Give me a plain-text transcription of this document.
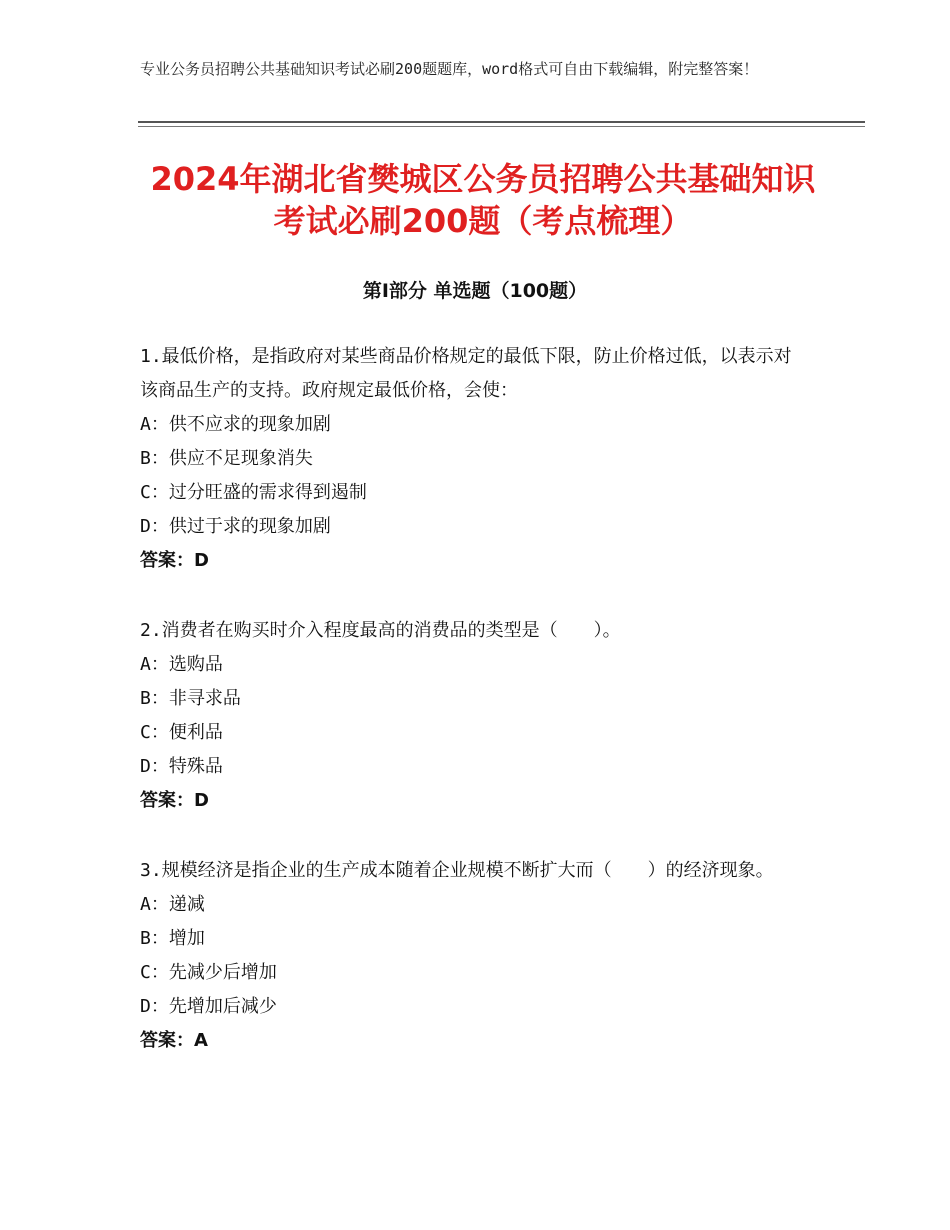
专业公务员招聘公共基础知识考试必刷200题题库，word格式可自由下载编辑，附完整答案！
2024年湖北省樊城区公务员招聘公共基础知识考试必刷200题（考点梳理）
第Ⅰ部分 单选题（100题）

1.最低价格，是指政府对某些商品价格规定的最低下限，防止价格过低，以表示对该商品生产的支持。政府规定最低价格，会使：

A：供不应求的现象加剧

B：供应不足现象消失

C：过分旺盛的需求得到遏制

D：供过于求的现象加剧

答案：D

2.消费者在购买时介入程度最高的消费品的类型是（　　）。

A：选购品

B：非寻求品

C：便利品

D：特殊品

答案：D

3.规模经济是指企业的生产成本随着企业规模不断扩大而（　　）的经济现象。

A：递减

B：增加

C：先减少后增加

D：先增加后减少

答案：A
